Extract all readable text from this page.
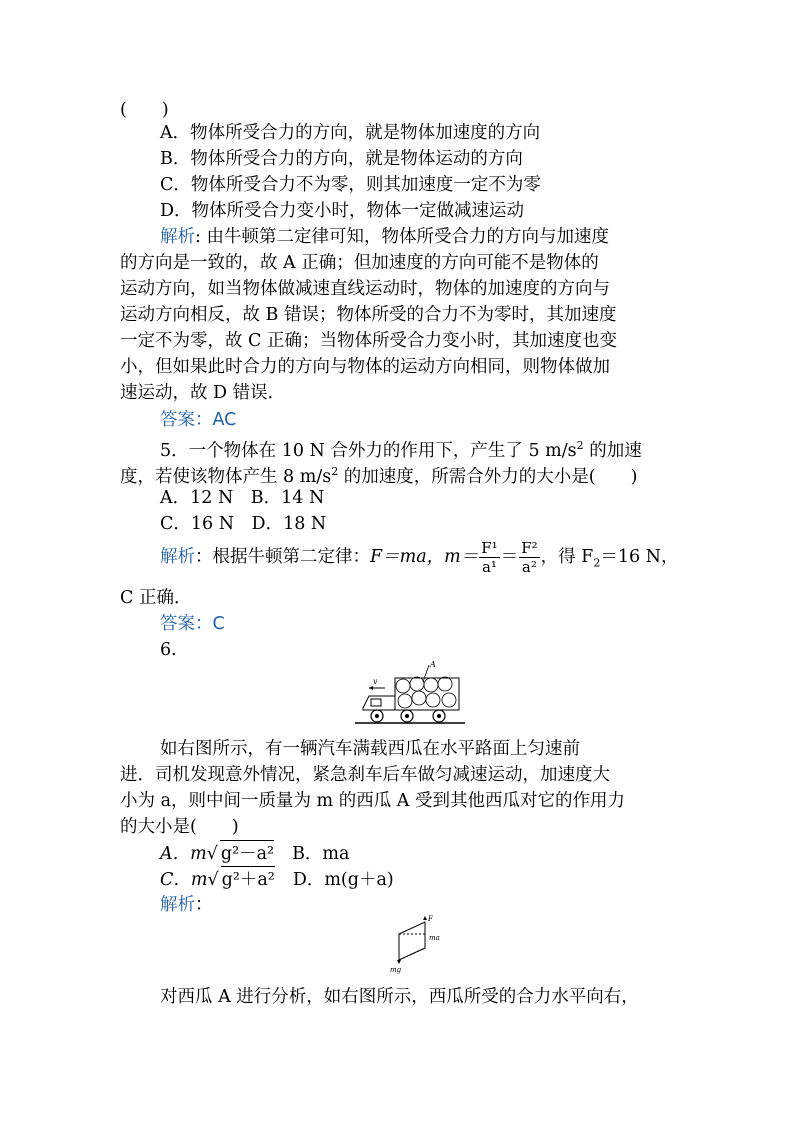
(　　)
A．物体所受合力的方向，就是物体加速度的方向
B．物体所受合力的方向，就是物体运动的方向
C．物体所受合力不为零，则其加速度一定不为零
D．物体所受合力变小时，物体一定做减速运动
解析: 由牛顿第二定律可知，物体所受合力的方向与加速度
的方向是一致的，故 A 正确；但加速度的方向可能不是物体的
运动方向，如当物体做减速直线运动时，物体的加速度的方向与
运动方向相反，故 B 错误；物体所受的合力不为零时，其加速度
一定不为零，故 C 正确；当物体所受合力变小时，其加速度也变
小，但如果此时合力的方向与物体的运动方向相同，则物体做加
速运动，故 D 错误．
答案：AC
5．一个物体在 10 N 合外力的作用下，产生了 5 $m/s^2$ 的加速
度，若使该物体产生 8 $m/s^2$ 的加速度，所需合外力的大小是(　　)
A．12 N　B．14 N
C．16 N　D．18 N
解析：根据牛顿第二定律：F＝ma，$m= \frac{\text{F¹}}{\text{a¹}} = \frac{\text{F²}}{\text{a²}}$ ，得 $F_2=16$ N，
C 正确．
答案：C
6.
v
A
如右图所示，有一辆汽车满载西瓜在水平路面上匀速前
进．司机发现意外情况，紧急刹车后车做匀减速运动，加速度大
小为 a，则中间一质量为 m 的西瓜 A 受到其他西瓜对它的作用力
的大小是(　　)
A．m√ g²－a² B．ma
C．m√ g²＋a² D．m(g＋a)
解析：
F
ma
mg
对西瓜 A 进行分析，如右图所示，西瓜所受的合力水平向右，
